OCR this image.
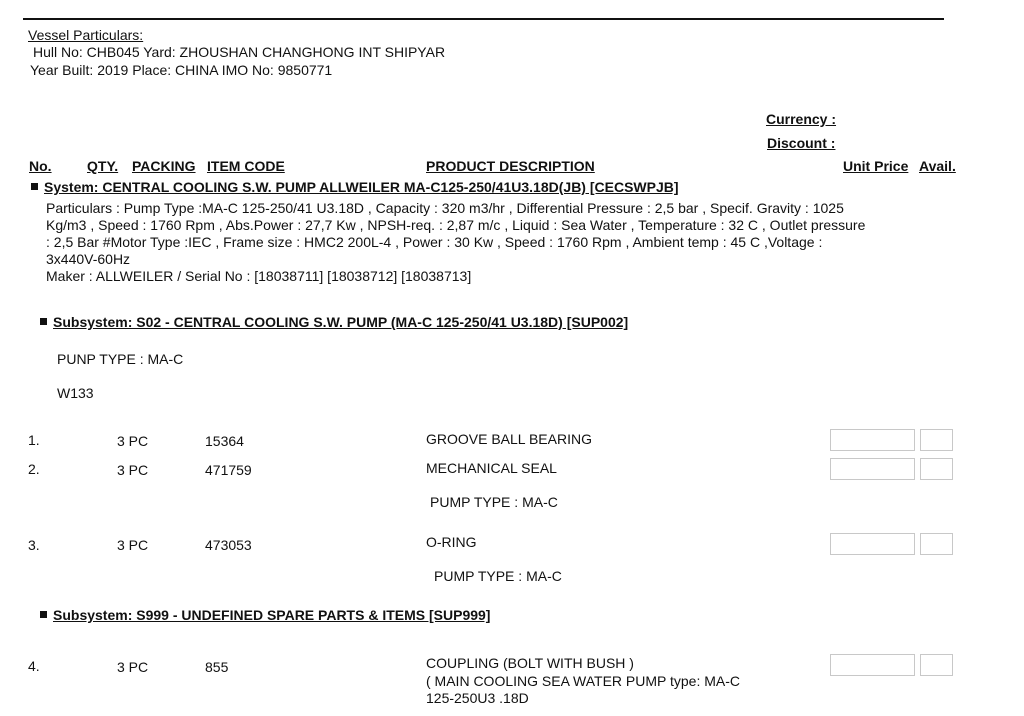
Vessel Particulars:
Hull No: CHB045 Yard: ZHOUSHAN CHANGHONG INT SHIPYAR
Year Built: 2019 Place: CHINA IMO No: 9850771
Currency :
Discount :
No.	QTY. PACKING ITEM CODE	PRODUCT DESCRIPTION	Unit Price Avail.
System: CENTRAL COOLING S.W. PUMP ALLWEILER MA-C125-250/41U3.18D(JB) [CECSWPJB]
Particulars : Pump Type :MA-C 125-250/41 U3.18D , Capacity : 320 m3/hr , Differential Pressure : 2,5 bar , Specif. Gravity : 1025
Kg/m3 , Speed : 1760 Rpm , Abs.Power : 27,7 Kw , NPSH-req. : 2,87 m/c , Liquid : Sea Water , Temperature : 32 C , Outlet pressure
: 2,5 Bar #Motor Type :IEC , Frame size : HMC2 200L-4 , Power : 30 Kw , Speed : 1760 Rpm , Ambient temp : 45 C ,Voltage :
3x440V-60Hz
Maker : ALLWEILER / Serial No : [18038711] [18038712] [18038713]
Subsystem: S02 - CENTRAL COOLING S.W. PUMP (MA-C 125-250/41 U3.18D) [SUP002]
PUNP TYPE : MA-C
W133
1.	3 PC	15364	GROOVE BALL BEARING
2.	3 PC	471759	MECHANICAL SEAL
PUMP TYPE : MA-C
3.	3 PC	473053	O-RING
PUMP TYPE : MA-C
Subsystem: S999 - UNDEFINED SPARE PARTS & ITEMS [SUP999]
4.	3 PC	855	COUPLING (BOLT WITH BUSH )
( MAIN COOLING SEA WATER PUMP type: MA-C
125-250U3 .18D
